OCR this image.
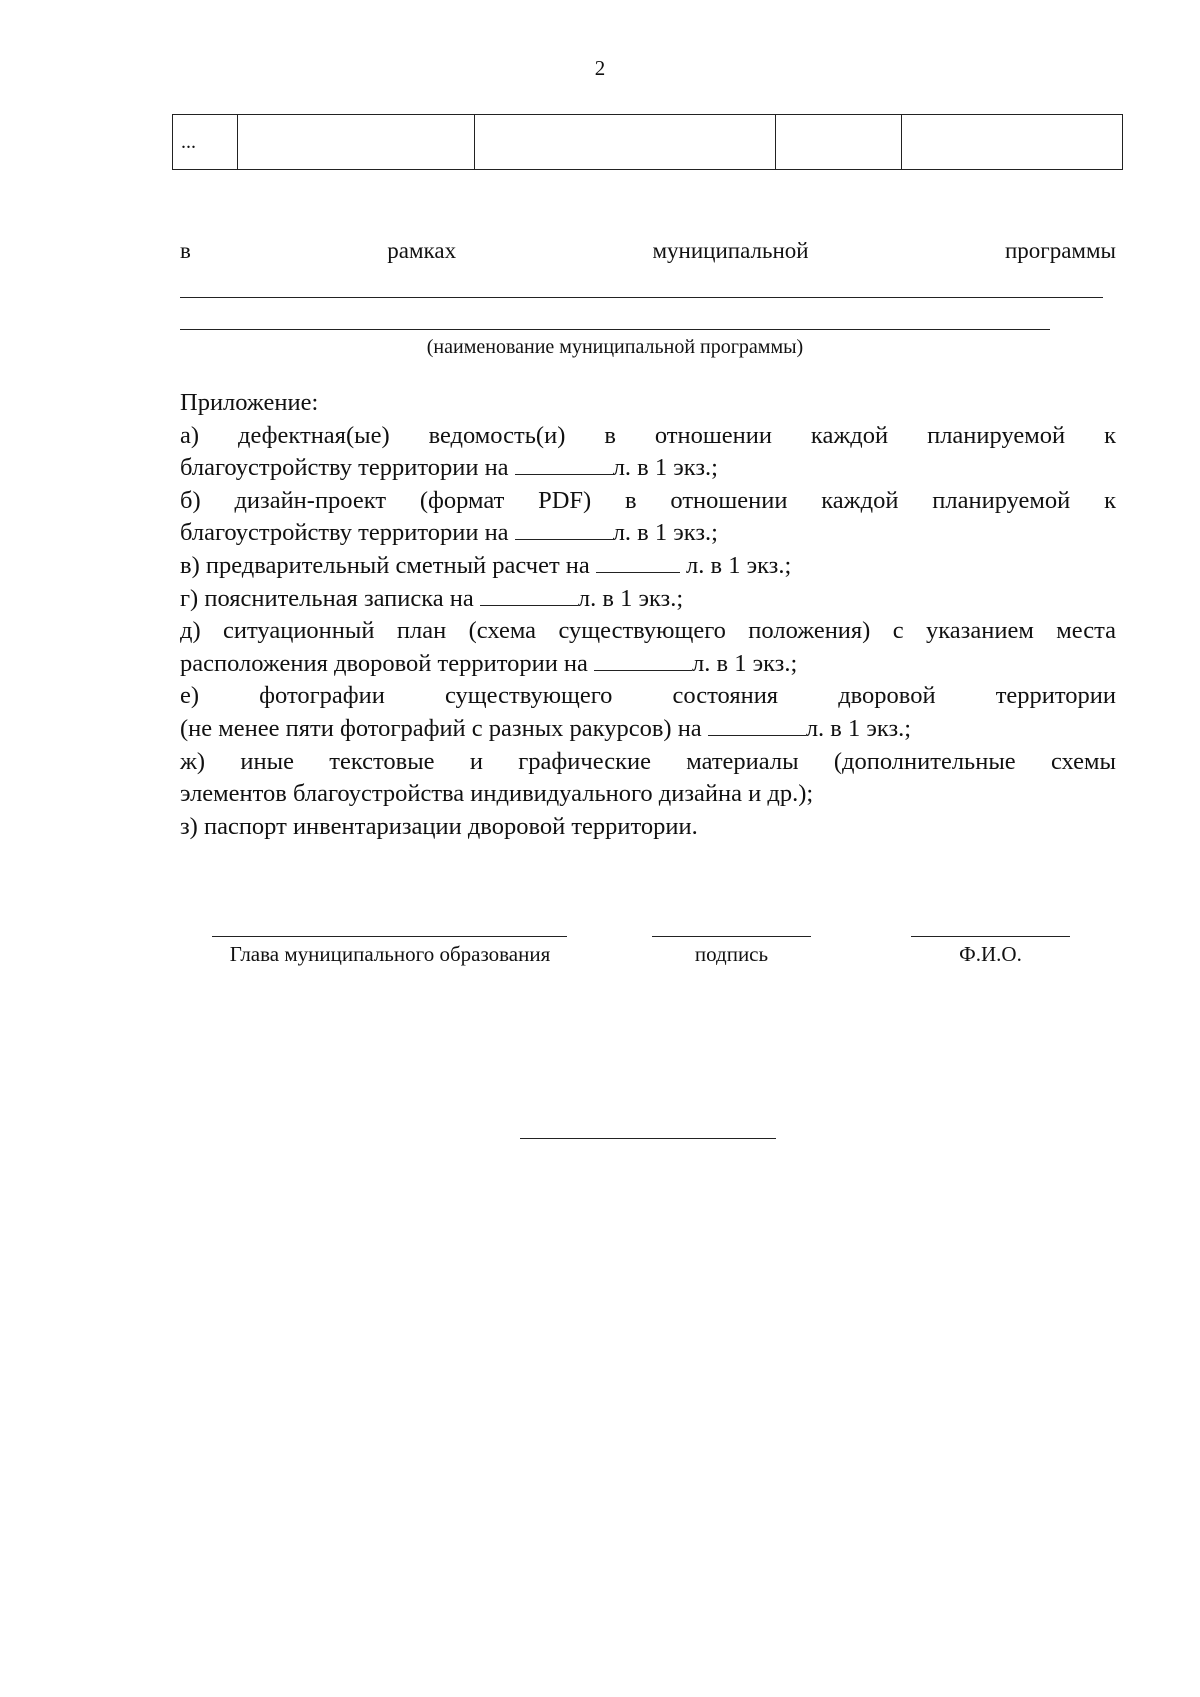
2
...				
в	рамках	муниципальной	программы
(наименование муниципальной программы)

Приложение:

а) дефектная(ые) ведомость(и) в отношении каждой планируемой к

благоустройству территории на	л. в 1 экз.;

б) дизайн-проект (формат PDF) в отношении каждой планируемой к

благоустройству территории на	л. в 1 экз.;

в) предварительный сметный расчет на	л. в 1 экз.;

г) пояснительная записка на	л. в 1 экз.;

д) ситуационный план (схема существующего положения) с указанием места

расположения дворовой территории на	л. в 1 экз.;

е) фотографии существующего состояния дворовой территории

(не менее пяти фотографий с разных ракурсов) на	л. в 1 экз.;

ж) иные текстовые и графические материалы (дополнительные схемы

элементов благоустройства индивидуального дизайна и др.);

з) паспорт инвентаризации дворовой территории.

Глава муниципального образования	подпись	Ф.И.О.
